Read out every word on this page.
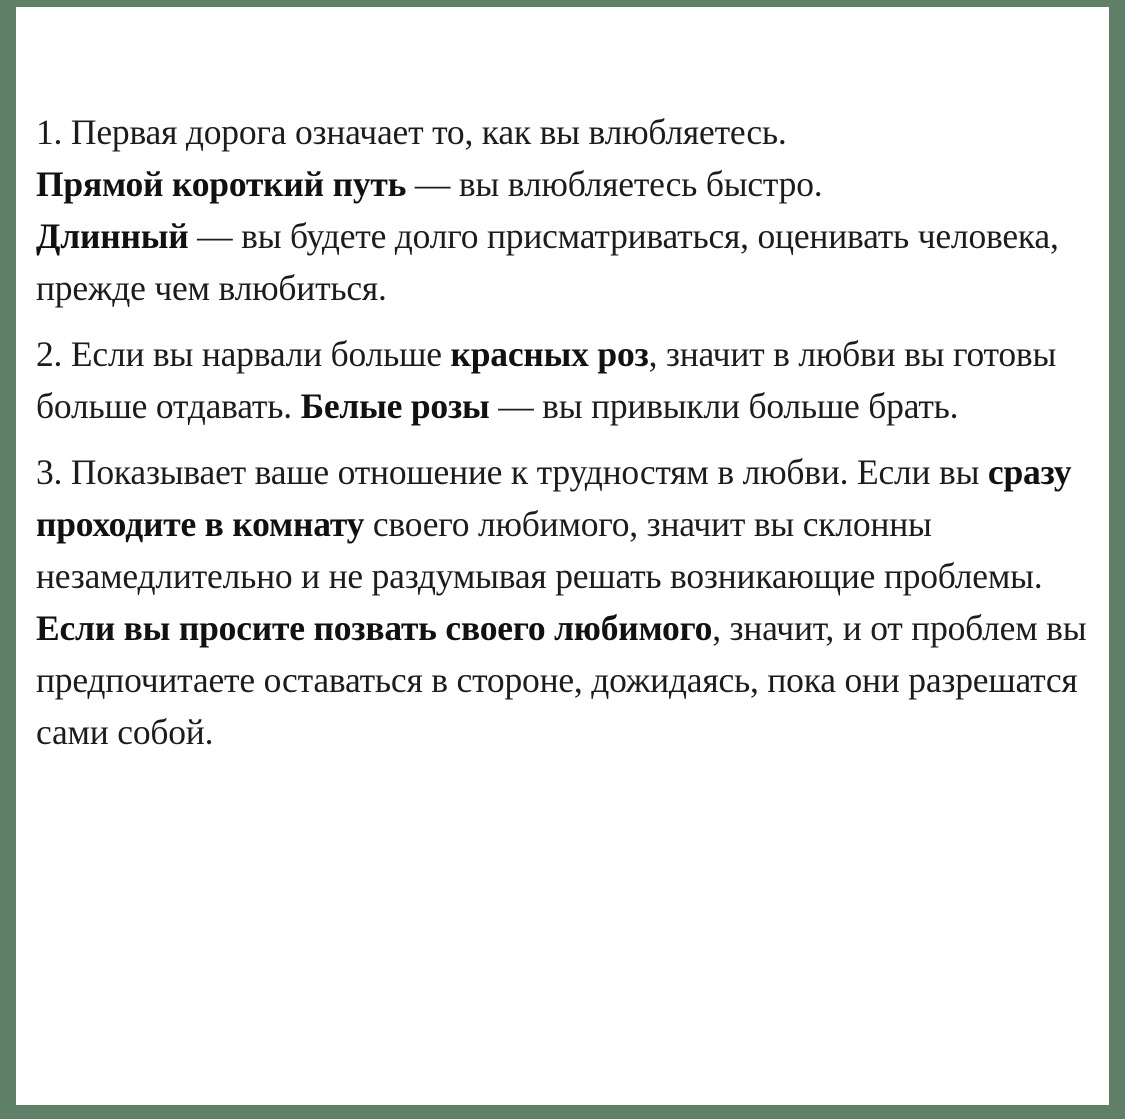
1. Первая дорога означает то, как вы влюбляетесь.
Прямой короткий путь — вы влюбляетесь быстро.
Длинный — вы будете долго присматриваться, оценивать человека, прежде чем влюбиться.

2. Если вы нарвали больше красных роз, значит в любви вы готовы больше отдавать. Белые розы — вы привыкли больше брать.

3. Показывает ваше отношение к трудностям в любви. Если вы сразу проходите в комнату своего любимого, значит вы склонны незамедлительно и не раздумывая решать возникающие проблемы. Если вы просите позвать своего любимого, значит, и от проблем вы предпочитаете оставаться в стороне, дожидаясь, пока они разрешатся сами собой.
